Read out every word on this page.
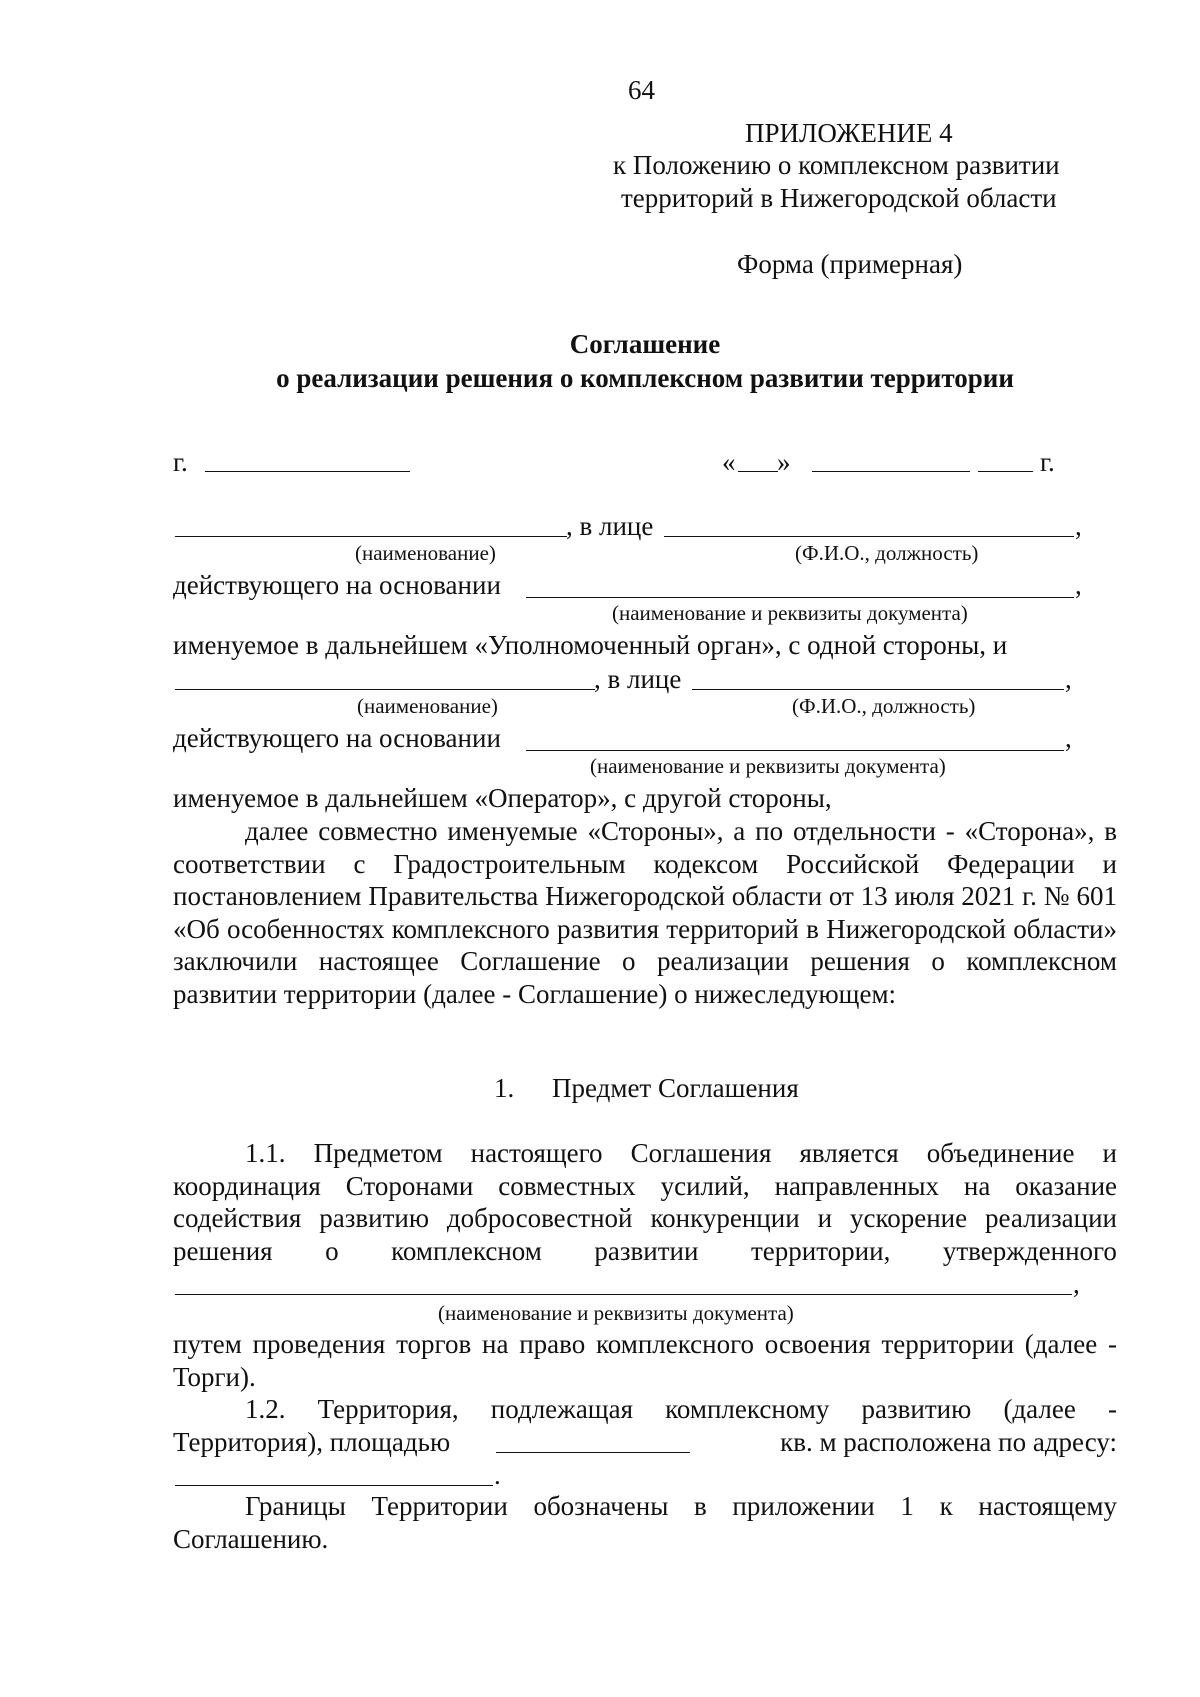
64
ПРИЛОЖЕНИЕ 4
к Положению о комплексном развитии
территорий в Нижегородской области
Форма (примерная)
Соглашение
о реализации решения о комплексном развитии территории
г.	« »	г.
, в лице	,
(наименование)	(Ф.И.О., должность)
действующего на основании	,
(наименование и реквизиты документа)
именуемое в дальнейшем «Уполномоченный орган», с одной стороны, и
, в лице	,
(наименование)	(Ф.И.О., должность)
действующего на основании	,
(наименование и реквизиты документа)
именуемое в дальнейшем «Оператор», с другой стороны,

далее совместно именуемые «Стороны», а по отдельности - «Сторона», в соответствии с Градостроительным кодексом Российской Федерации и постановлением Правительства Нижегородской области от 13 июля 2021 г. № 601 «Об особенностях комплексного развития территорий в Нижегородской области» заключили настоящее Соглашение о реализации решения о комплексном развитии территории (далее - Соглашение) о нижеследующем:

1. Предмет Соглашения

1.1. Предметом настоящего Соглашения является объединение и координация Сторонами совместных усилий, направленных на оказание содействия развитию добросовестной конкуренции и ускорение реализации

решения о комплексном развитии территории, утвержденного
,
(наименование и реквизиты документа)

путем проведения торгов на право комплексного освоения территории (далее - Торги).

1.2. Территория, подлежащая комплексному развитию (далее -

Территория), площадью	кв. м расположена по адресу:
.

Границы Территории обозначены в приложении 1 к настоящему Соглашению.
